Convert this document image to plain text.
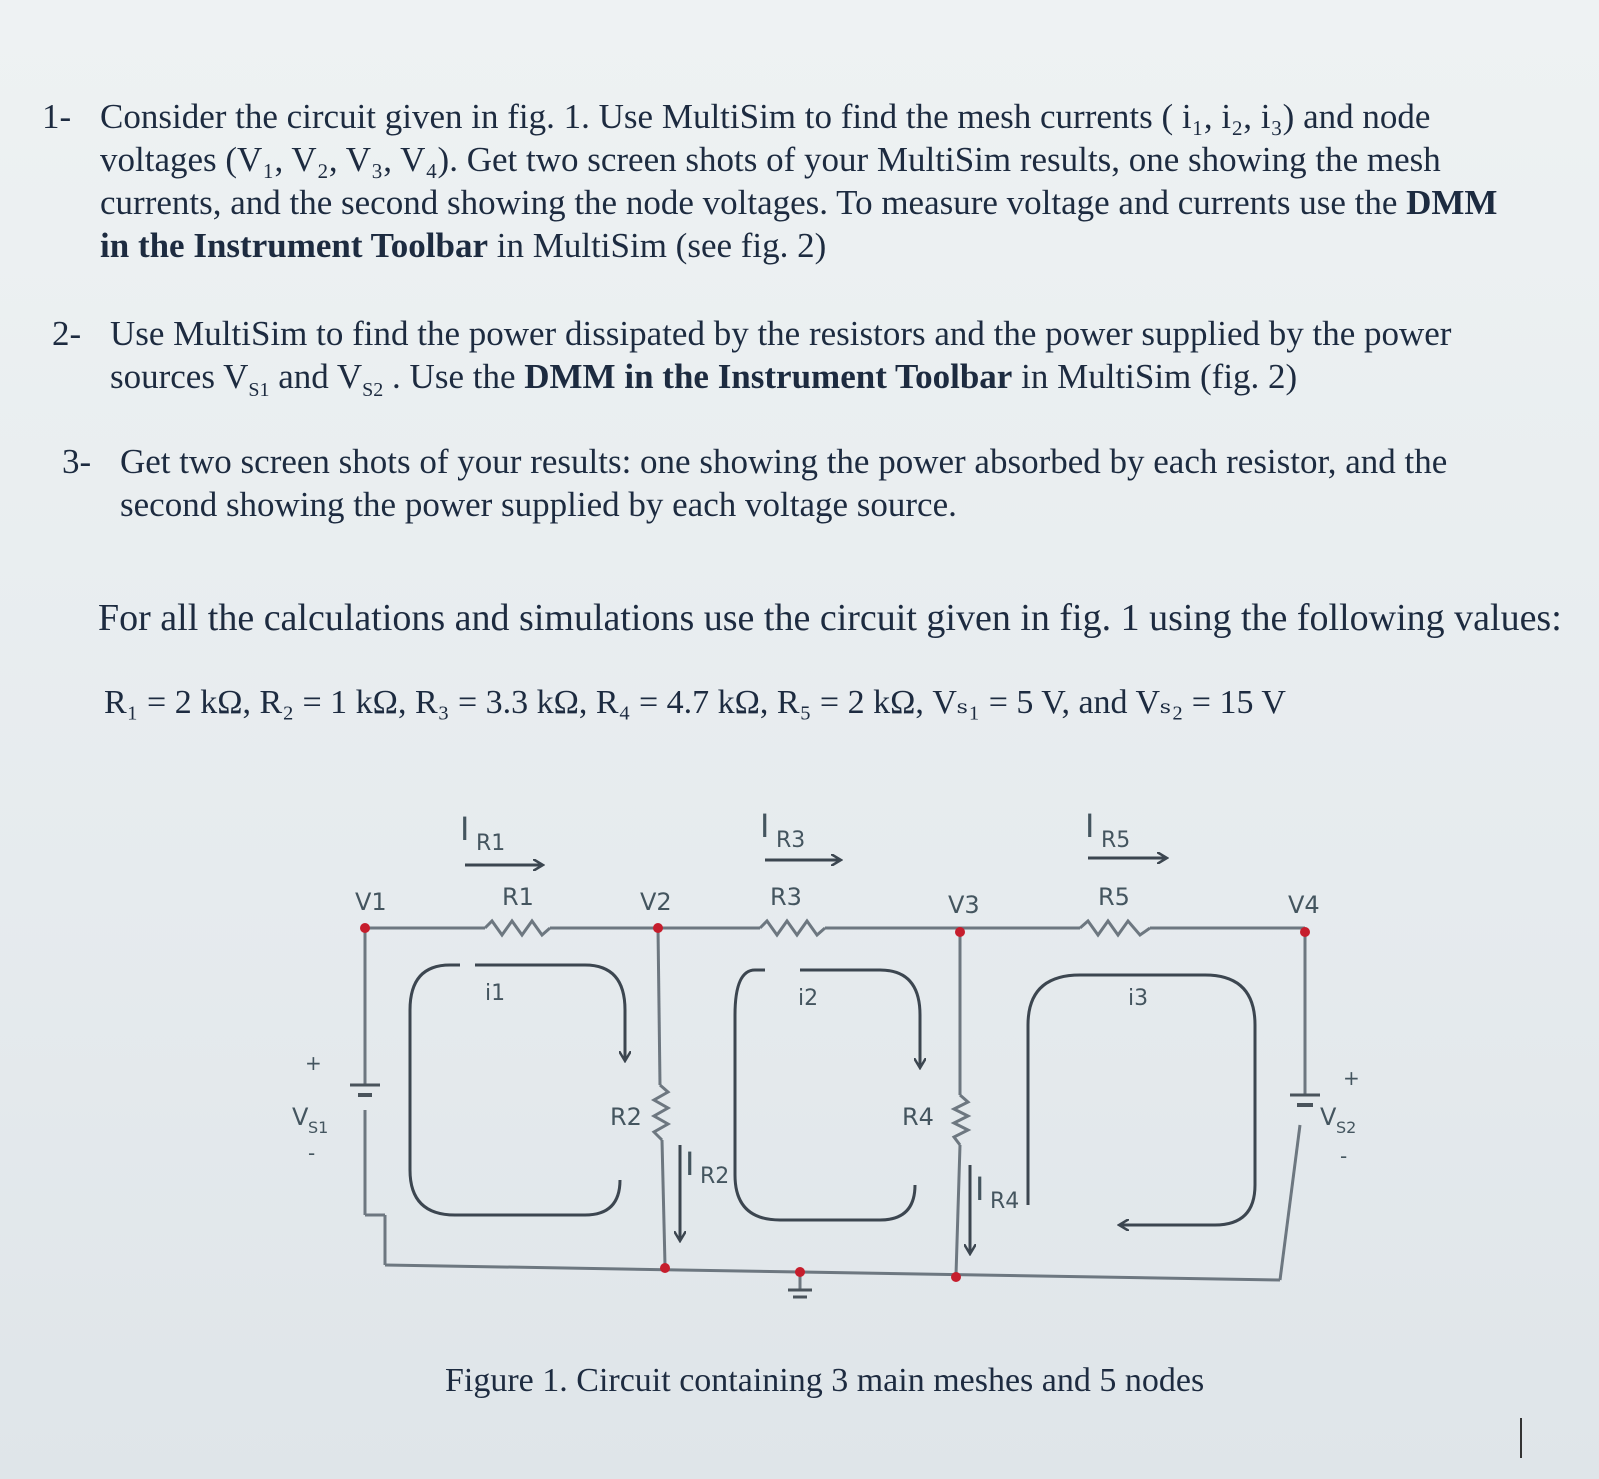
1- Consider the circuit given in fig. 1. Use MultiSim to find the mesh currents ( i₁, i₂, i₃) and node
voltages (V₁, V₂, V₃, V₄). Get two screen shots of your MultiSim results, one showing the mesh
currents, and the second showing the node voltages. To measure voltage and currents use the DMM
in the Instrument Toolbar in MultiSim (see fig. 2)
2- Use MultiSim to find the power dissipated by the resistors and the power supplied by the power
sources $V_{S1}$ and $V_{S2}$ . Use the DMM in the Instrument Toolbar in MultiSim (fig. 2)
3- Get two screen shots of your results: one showing the power absorbed by each resistor, and the
second showing the power supplied by each voltage source.
For all the calculations and simulations use the circuit given in fig. 1 using the following values:
R₁ = 2 kΩ, R₂ = 1 kΩ, R₃ = 3.3 kΩ, R₄ = 4.7 kΩ, R₅ = 2 kΩ, Vₛ₁ = 5 V, and Vₛ₂ = 15 V
R1	R3	R5
R2	R4
+
V S1
-
+
V S2
-
V1	V2	V3	V4
I R1	I R3	I R5
I R2	I R4
i1	i2	i3
Figure 1. Circuit containing 3 main meshes and 5 nodes
